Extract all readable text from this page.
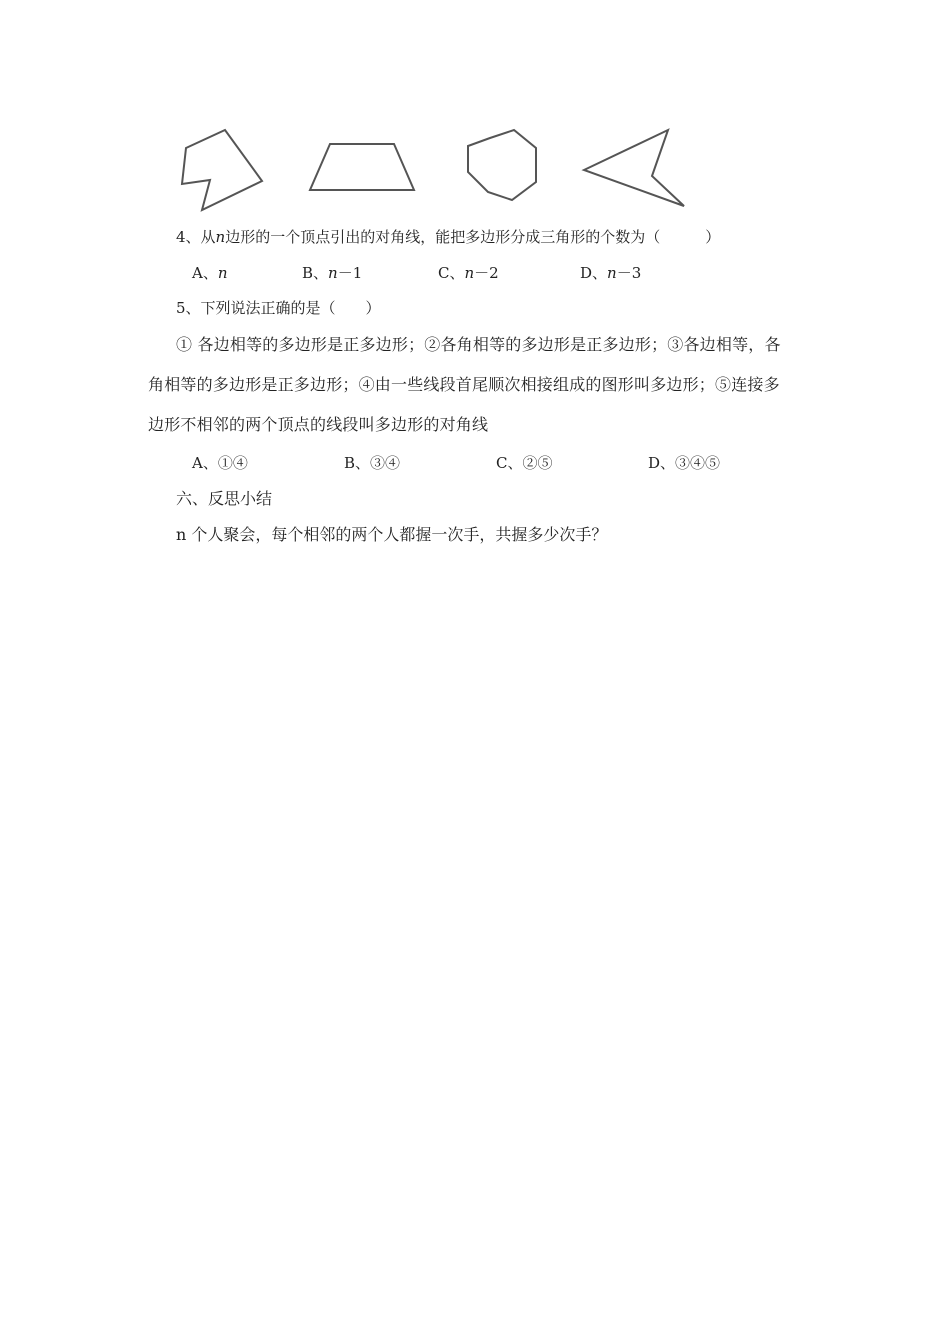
4、从n边形的一个顶点引出的对角线，能把多边形分成三角形的个数为（　　　）
A、n	B、n－1	C、n－2	D、n－3
5、下列说法正确的是（　　）
① 各边相等的多边形是正多边形；②各角相等的多边形是正多边形；③各边相等，各
角相等的多边形是正多边形；④由一些线段首尾顺次相接组成的图形叫多边形；⑤连接多
边形不相邻的两个顶点的线段叫多边形的对角线
A、①④	B、③④	C、②⑤	D、③④⑤
六、反思小结
n 个人聚会，每个相邻的两个人都握一次手，共握多少次手？
